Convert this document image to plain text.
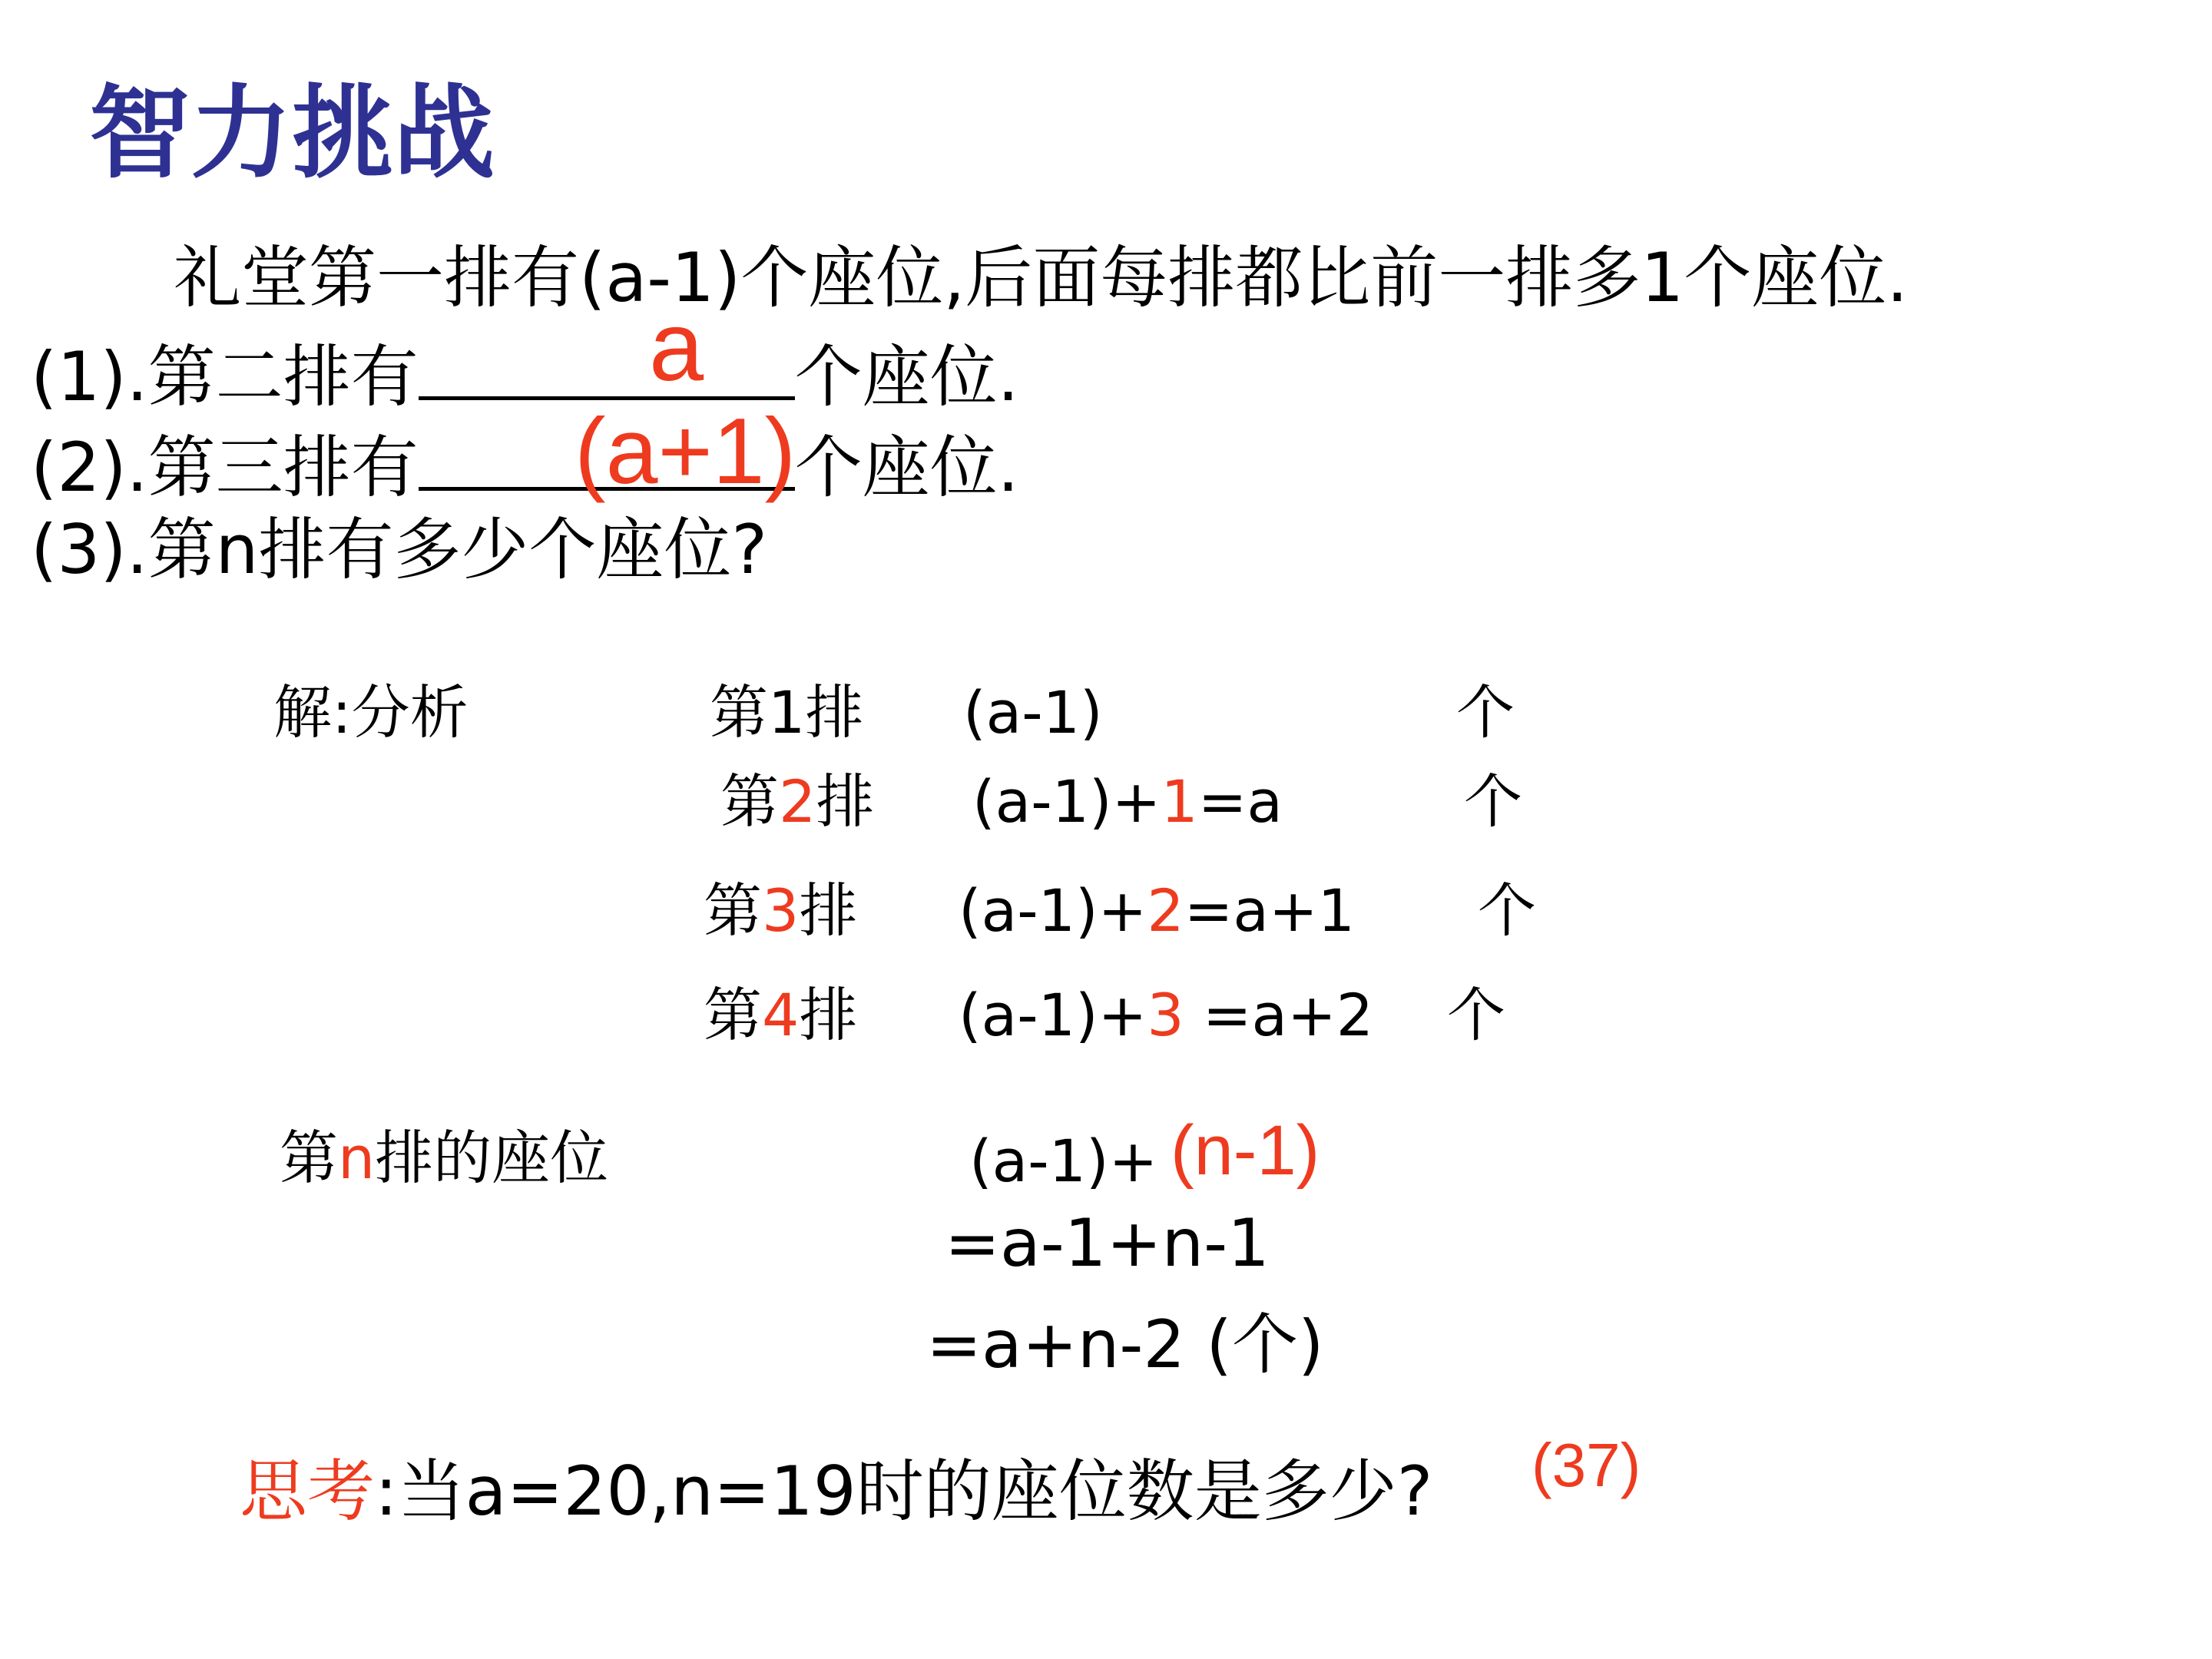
智力挑战
礼堂第一排有(a-1)个座位,后面每排都比前一排多1个座位.
(1).第二排有	个座位.
a
(2).第三排有	个座位.
(a+1)
(3).第n排有多少个座位?
解:分析	第1排 (a-1)	个
第2排 (a-1)+1=a	个
第3排 (a-1)+2=a+1 个
第4排 (a-1)+3 =a+2 个
第n排的座位	(a-1)+ (n-1)
=a-1+n-1
=a+n-2 (个)
思考:当a=20,n=19时的座位数是多少? (37)
